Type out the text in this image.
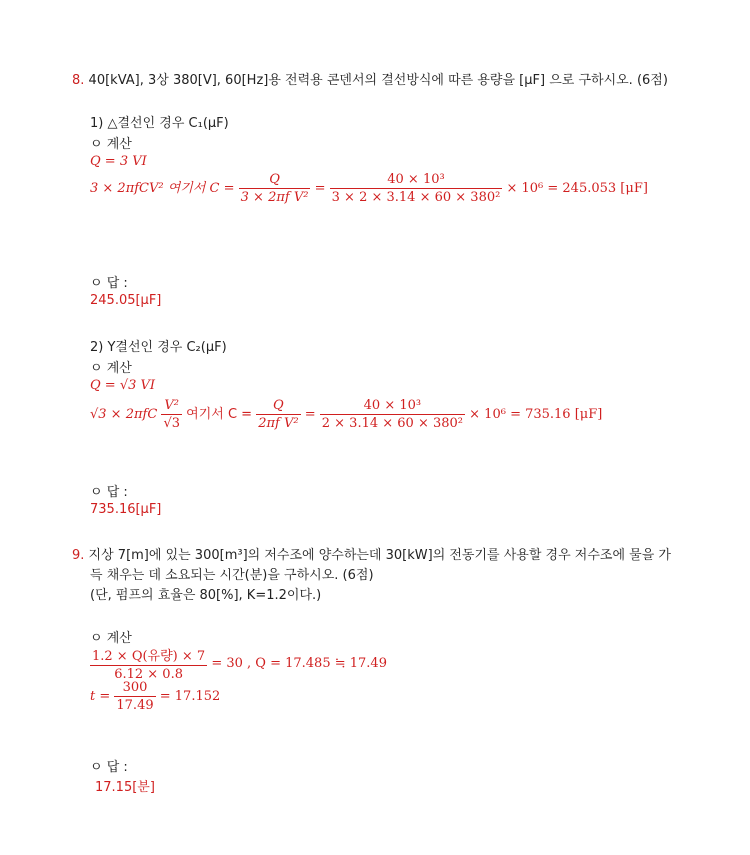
8. 40[kVA], 3상 380[V], 60[Hz]용 전력용 콘덴서의 결선방식에 따른 용량을 [μF] 으로 구하시오. (6점)
1) △결선인 경우 C₁(μF)
ㅇ 계산
Q = 3 VI
3 × 2πfCV² 여기서 $C = \frac{Q}{\text{3 × 2πf V²}} = \frac{\text{40 × 10³}}{\text{3 × 2 × 3.14 × 60 × 380²}} \times 10^6 = 245.053$ [μF]
ㅇ 답 :
245.05[μF]
2) Y결선인 경우 C₂(μF)
ㅇ 계산
Q = √3 VI
$√3 \times 2\pi fC \frac{\text{V²}}{√3}$ 여기서 $C = \frac{Q}{\text{2πf V²}} = \frac{\text{40 × 10³}}{\text{2 × 3.14 × 60 × 380²}} \times 10^6 = 735.16$ [μF]
ㅇ 답 :
735.16[μF]
9. 지상 7[m]에 있는 300[m³]의 저수조에 양수하는데 30[kW]의 전동기를 사용할 경우 저수조에 물을 가
득 채우는 데 소요되는 시간(분)을 구하시오. (6점)
(단, 펌프의 효율은 80[%], K=1.2이다.)
ㅇ 계산
$\frac{\text{1.2 × Q(유량) × 7}}{6.12 \times 0.8} = 30$ , Q = 17.485 ≒ 17.49
$t = \frac{300}{17.49} = 17.152$
ㅇ 답 :
17.15[분]
